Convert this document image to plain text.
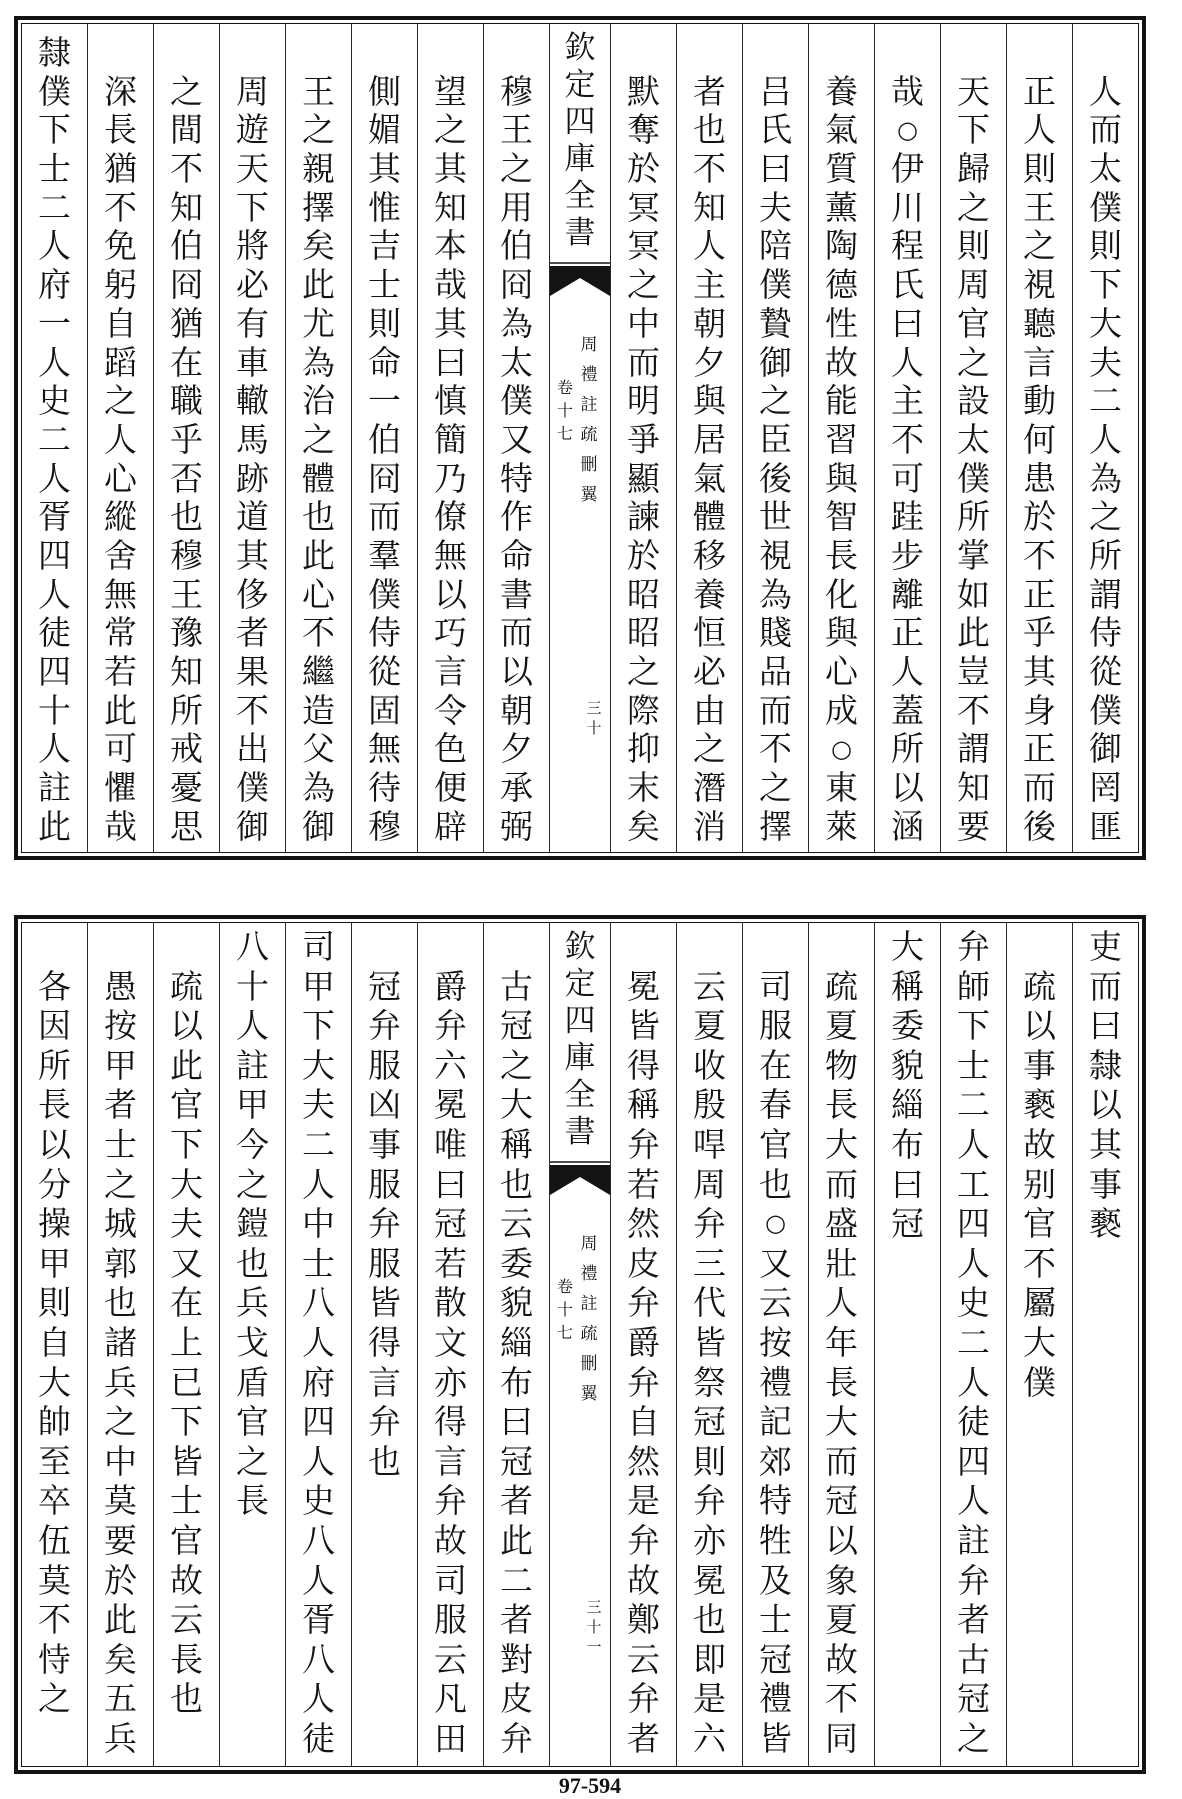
人
而
太
僕
則
下
大
夫
二
人
為
之
所
謂
侍
從
僕
御
罔
匪
正
人
則
王
之
視
聽
言
動
何
患
於
不
正
乎
其
身
正
而
後
天
下
歸
之
則
周
官
之
設
太
僕
所
掌
如
此
豈
不
謂
知
要
哉
○
伊
川
程
氏
曰
人
主
不
可
跬
步
離
正
人
蓋
所
以
涵
養
氣
質
薰
陶
德
性
故
能
習
與
智
長
化
與
心
成
○
東
萊
吕
氏
曰
夫
陪
僕
贄
御
之
臣
後
世
視
為
賤
品
而
不
之
擇
者
也
不
知
人
主
朝
夕
與
居
氣
體
移
養
恒
必
由
之
潛
消
默
奪
於
冥
冥
之
中
而
明
爭
顯
諫
於
昭
昭
之
際
抑
末
矣
欽
定
四
庫
全
書
周
禮
註
疏
刪
翼
卷
十
七
三
十
穆
王
之
用
伯
冏
為
太
僕
又
特
作
命
書
而
以
朝
夕
承
弼
望
之
其
知
本
哉
其
曰
慎
簡
乃
僚
無
以
巧
言
令
色
便
辟
側
媚
其
惟
吉
士
則
命
一
伯
冏
而
羣
僕
侍
從
固
無
待
穆
王
之
親
擇
矣
此
尤
為
治
之
體
也
此
心
不
繼
造
父
為
御
周
遊
天
下
將
必
有
車
轍
馬
跡
道
其
侈
者
果
不
出
僕
御
之
間
不
知
伯
冏
猶
在
職
乎
否
也
穆
王
豫
知
所
戒
憂
思
深
長
猶
不
免
躬
自
蹈
之
人
心
縱
舍
無
常
若
此
可
懼
哉
隸
僕
下
士
二
人
府
一
人
史
二
人
胥
四
人
徒
四
十
人
註
此
吏
而
曰
隸
以
其
事
褻
疏
以
事
褻
故
别
官
不
屬
大
僕
弁
師
下
士
二
人
工
四
人
史
二
人
徒
四
人
註
弁
者
古
冠
之
大
稱
委
貌
緇
布
曰
冠
疏
夏
物
長
大
而
盛
壯
人
年
長
大
而
冠
以
象
夏
故
不
同
司
服
在
春
官
也
○
又
云
按
禮
記
郊
特
牲
及
士
冠
禮
皆
云
夏
收
殷
哻
周
弁
三
代
皆
祭
冠
則
弁
亦
冕
也
即
是
六
冕
皆
得
稱
弁
若
然
皮
弁
爵
弁
自
然
是
弁
故
鄭
云
弁
者
欽
定
四
庫
全
書
周
禮
註
疏
刪
翼
卷
十
七
三
十
一
古
冠
之
大
稱
也
云
委
貌
緇
布
曰
冠
者
此
二
者
對
皮
弁
爵
弁
六
冕
唯
曰
冠
若
散
文
亦
得
言
弁
故
司
服
云
凡
田
冠
弁
服
凶
事
服
弁
服
皆
得
言
弁
也
司
甲
下
大
夫
二
人
中
士
八
人
府
四
人
史
八
人
胥
八
人
徒
八
十
人
註
甲
今
之
鎧
也
兵
戈
盾
官
之
長
疏
以
此
官
下
大
夫
又
在
上
已
下
皆
士
官
故
云
長
也
愚
按
甲
者
士
之
城
郭
也
諸
兵
之
中
莫
要
於
此
矣
五
兵
各
因
所
長
以
分
操
甲
則
自
大
帥
至
卒
伍
莫
不
恃
之
97-594
